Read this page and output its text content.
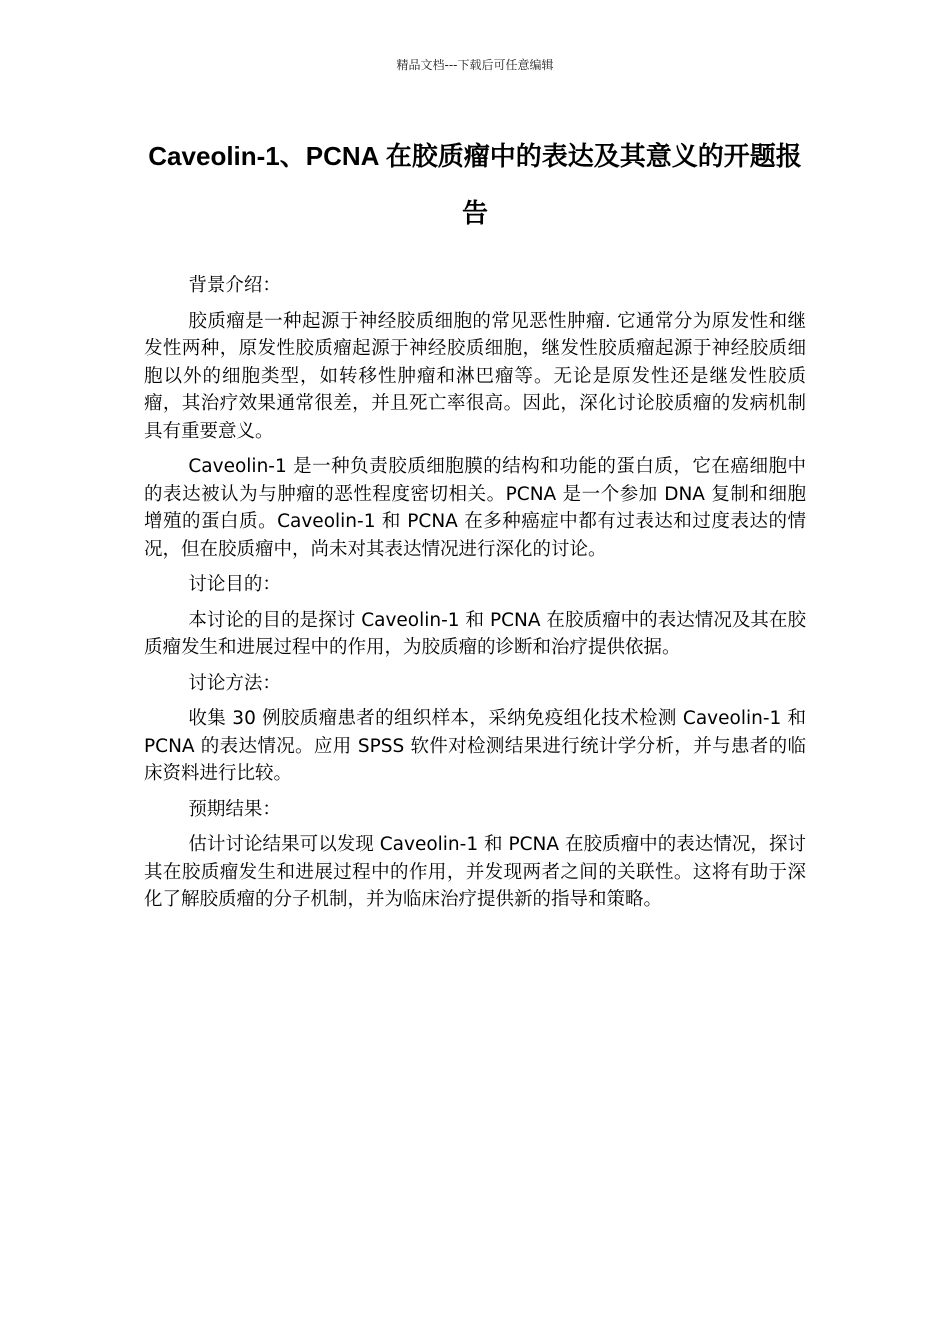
精品文档---下载后可任意编辑
Caveolin-1、PCNA 在胶质瘤中的表达及其意义的开题报告

背景介绍：

胶质瘤是一种起源于神经胶质细胞的常见恶性肿瘤. 它通常分为原发性和继发性两种，原发性胶质瘤起源于神经胶质细胞，继发性胶质瘤起源于神经胶质细胞以外的细胞类型，如转移性肿瘤和淋巴瘤等。无论是原发性还是继发性胶质瘤，其治疗效果通常很差，并且死亡率很高。因此，深化讨论胶质瘤的发病机制具有重要意义。

Caveolin-1 是一种负责胶质细胞膜的结构和功能的蛋白质，它在癌细胞中的表达被认为与肿瘤的恶性程度密切相关。PCNA 是一个参加 DNA 复制和细胞增殖的蛋白质。Caveolin-1 和 PCNA 在多种癌症中都有过表达和过度表达的情况，但在胶质瘤中，尚未对其表达情况进行深化的讨论。

讨论目的：

本讨论的目的是探讨 Caveolin-1 和 PCNA 在胶质瘤中的表达情况及其在胶质瘤发生和进展过程中的作用，为胶质瘤的诊断和治疗提供依据。

讨论方法：

收集 30 例胶质瘤患者的组织样本，采纳免疫组化技术检测 Caveolin-1 和 PCNA 的表达情况。应用 SPSS 软件对检测结果进行统计学分析，并与患者的临床资料进行比较。

预期结果：

估计讨论结果可以发现 Caveolin-1 和 PCNA 在胶质瘤中的表达情况，探讨其在胶质瘤发生和进展过程中的作用，并发现两者之间的关联性。这将有助于深化了解胶质瘤的分子机制，并为临床治疗提供新的指导和策略。
